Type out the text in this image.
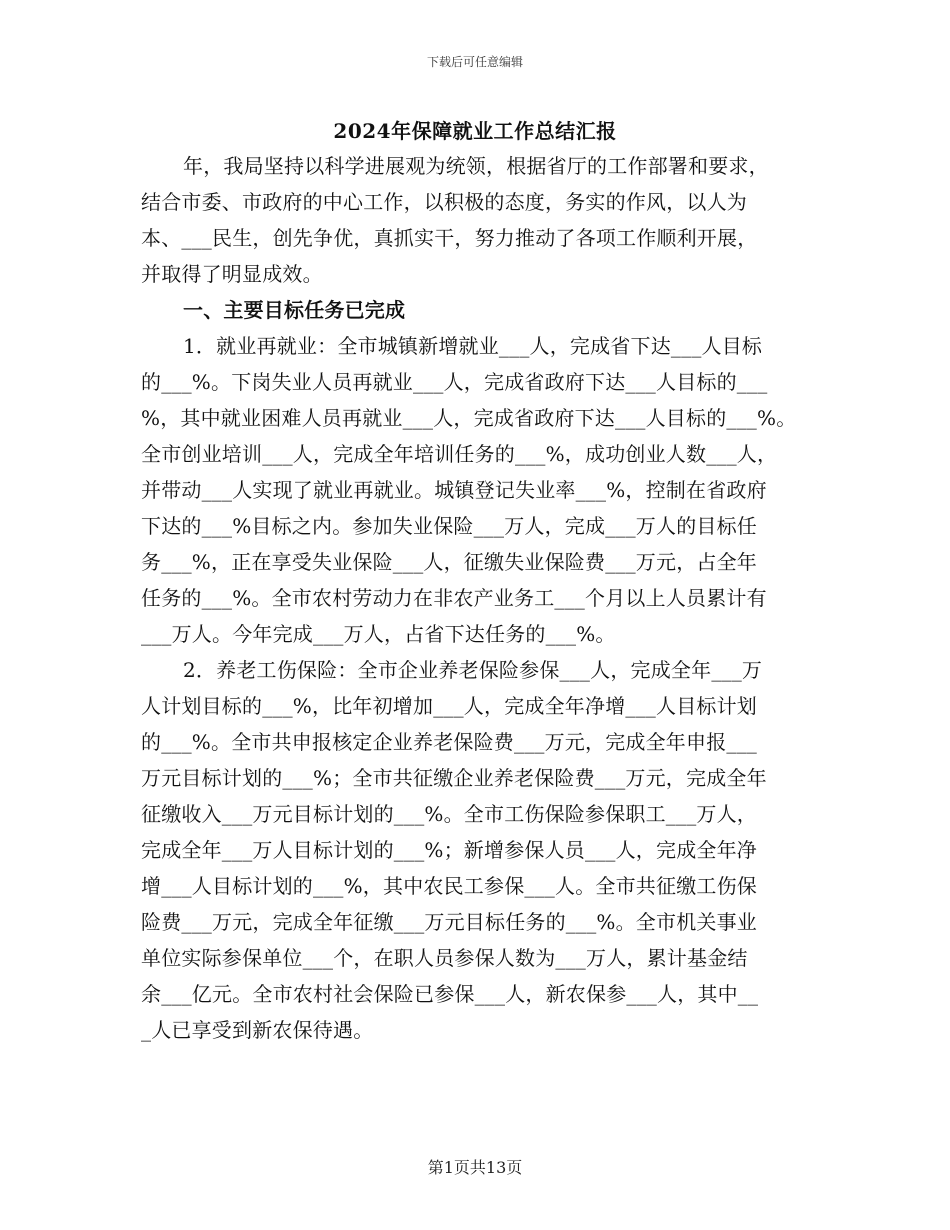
下载后可任意编辑
2024年保障就业工作总结汇报
年，我局坚持以科学进展观为统领，根据省厅的工作部署和要求，
结合市委、市政府的中心工作，以积极的态度，务实的作风，以人为
本、___民生，创先争优，真抓实干，努力推动了各项工作顺利开展，
并取得了明显成效。
一、主要目标任务已完成
1．就业再就业：全市城镇新增就业___人，完成省下达___人目标
的___%。下岗失业人员再就业___人，完成省政府下达___人目标的___
%，其中就业困难人员再就业___人，完成省政府下达___人目标的___%。
全市创业培训___人，完成全年培训任务的___%，成功创业人数___人，
并带动___人实现了就业再就业。城镇登记失业率___%，控制在省政府
下达的___%目标之内。参加失业保险___万人，完成___万人的目标任
务___%，正在享受失业保险___人，征缴失业保险费___万元，占全年
任务的___%。全市农村劳动力在非农产业务工___个月以上人员累计有
___万人。今年完成___万人，占省下达任务的___%。
2．养老工伤保险：全市企业养老保险参保___人，完成全年___万
人计划目标的___%，比年初增加___人，完成全年净增___人目标计划
的___%。全市共申报核定企业养老保险费___万元，完成全年申报___
万元目标计划的___%；全市共征缴企业养老保险费___万元，完成全年
征缴收入___万元目标计划的___%。全市工伤保险参保职工___万人，
完成全年___万人目标计划的___%；新增参保人员___人，完成全年净
增___人目标计划的___%，其中农民工参保___人。全市共征缴工伤保
险费___万元，完成全年征缴___万元目标任务的___%。全市机关事业
单位实际参保单位___个，在职人员参保人数为___万人，累计基金结
余___亿元。全市农村社会保险已参保___人，新农保参___人，其中__
_人已享受到新农保待遇。
第1页共13页
